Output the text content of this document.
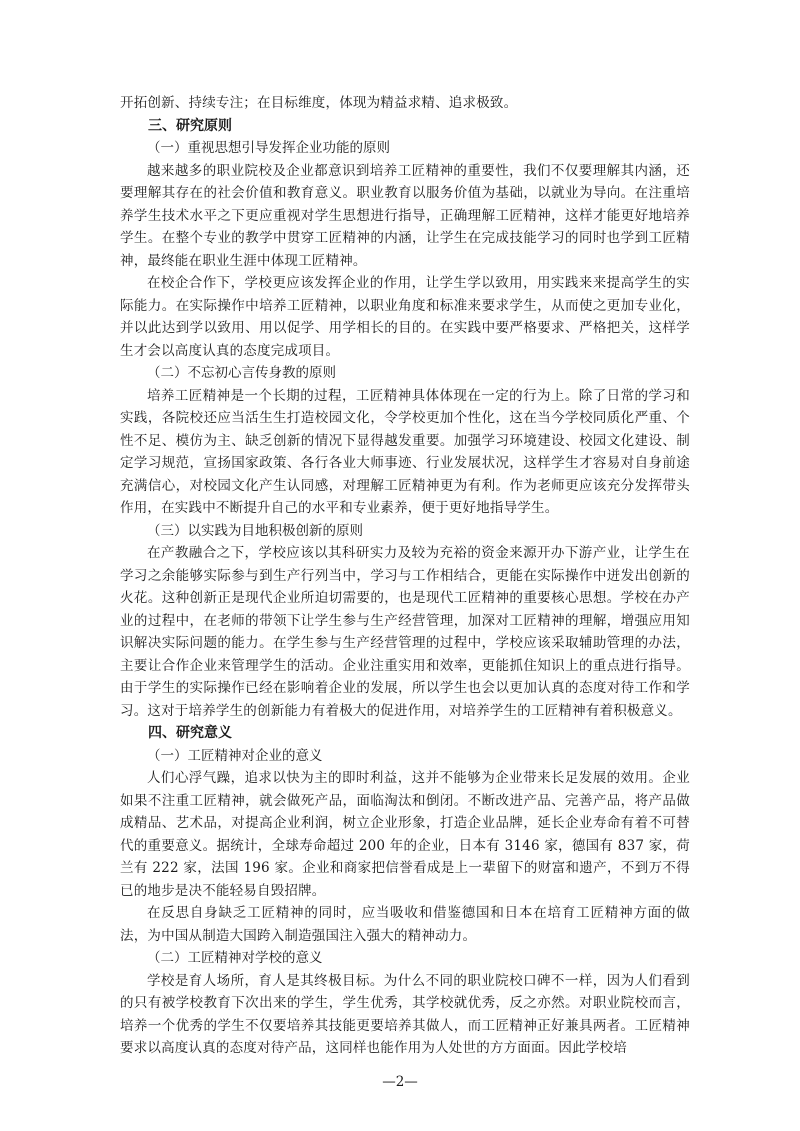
开拓创新、持续专注；在目标维度，体现为精益求精、追求极致。

三、研究原则

（一）重视思想引导发挥企业功能的原则

越来越多的职业院校及企业都意识到培养工匠精神的重要性，我们不仅要理解其内涵，还要理解其存在的社会价值和教育意义。职业教育以服务价值为基础，以就业为导向。在注重培养学生技术水平之下更应重视对学生思想进行指导，正确理解工匠精神，这样才能更好地培养学生。在整个专业的教学中贯穿工匠精神的内涵，让学生在完成技能学习的同时也学到工匠精神，最终能在职业生涯中体现工匠精神。

在校企合作下，学校更应该发挥企业的作用，让学生学以致用，用实践来来提高学生的实际能力。在实际操作中培养工匠精神，以职业角度和标准来要求学生，从而使之更加专业化，并以此达到学以致用、用以促学、用学相长的目的。在实践中要严格要求、严格把关，这样学生才会以高度认真的态度完成项目。

（二）不忘初心言传身教的原则

培养工匠精神是一个长期的过程，工匠精神具体体现在一定的行为上。除了日常的学习和实践，各院校还应当活生生打造校园文化，令学校更加个性化，这在当今学校同质化严重、个性不足、模仿为主、缺乏创新的情况下显得越发重要。加强学习环境建设、校园文化建设、制定学习规范，宣扬国家政策、各行各业大师事迹、行业发展状况，这样学生才容易对自身前途充满信心，对校园文化产生认同感，对理解工匠精神更为有利。作为老师更应该充分发挥带头作用，在实践中不断提升自己的水平和专业素养，便于更好地指导学生。

（三）以实践为目地积极创新的原则

在产教融合之下，学校应该以其科研实力及较为充裕的资金来源开办下游产业，让学生在学习之余能够实际参与到生产行列当中，学习与工作相结合，更能在实际操作中迸发出创新的火花。这种创新正是现代企业所迫切需要的，也是现代工匠精神的重要核心思想。学校在办产业的过程中，在老师的带领下让学生参与生产经营管理，加深对工匠精神的理解，增强应用知识解决实际问题的能力。在学生参与生产经营管理的过程中，学校应该采取辅助管理的办法，主要让合作企业来管理学生的活动。企业注重实用和效率，更能抓住知识上的重点进行指导。由于学生的实际操作已经在影响着企业的发展，所以学生也会以更加认真的态度对待工作和学习。这对于培养学生的创新能力有着极大的促进作用，对培养学生的工匠精神有着积极意义。

四、研究意义

（一）工匠精神对企业的意义

人们心浮气躁，追求以快为主的即时利益，这并不能够为企业带来长足发展的效用。企业如果不注重工匠精神，就会做死产品，面临淘汰和倒闭。不断改进产品、完善产品，将产品做成精品、艺术品，对提高企业利润，树立企业形象，打造企业品牌，延长企业寿命有着不可替代的重要意义。据统计，全球寿命超过 200 年的企业，日本有 3146 家，德国有 837 家，荷兰有 222 家，法国 196 家。企业和商家把信誉看成是上一辈留下的财富和遗产，不到万不得已的地步是决不能轻易自毁招牌。

在反思自身缺乏工匠精神的同时，应当吸收和借鉴德国和日本在培育工匠精神方面的做法，为中国从制造大国跨入制造强国注入强大的精神动力。

（二）工匠精神对学校的意义

学校是育人场所，育人是其终极目标。为什么不同的职业院校口碑不一样，因为人们看到的只有被学校教育下次出来的学生，学生优秀，其学校就优秀，反之亦然。对职业院校而言，培养一个优秀的学生不仅要培养其技能更要培养其做人，而工匠精神正好兼具两者。工匠精神要求以高度认真的态度对待产品，这同样也能作用为人处世的方方面面。因此学校培

—2—
